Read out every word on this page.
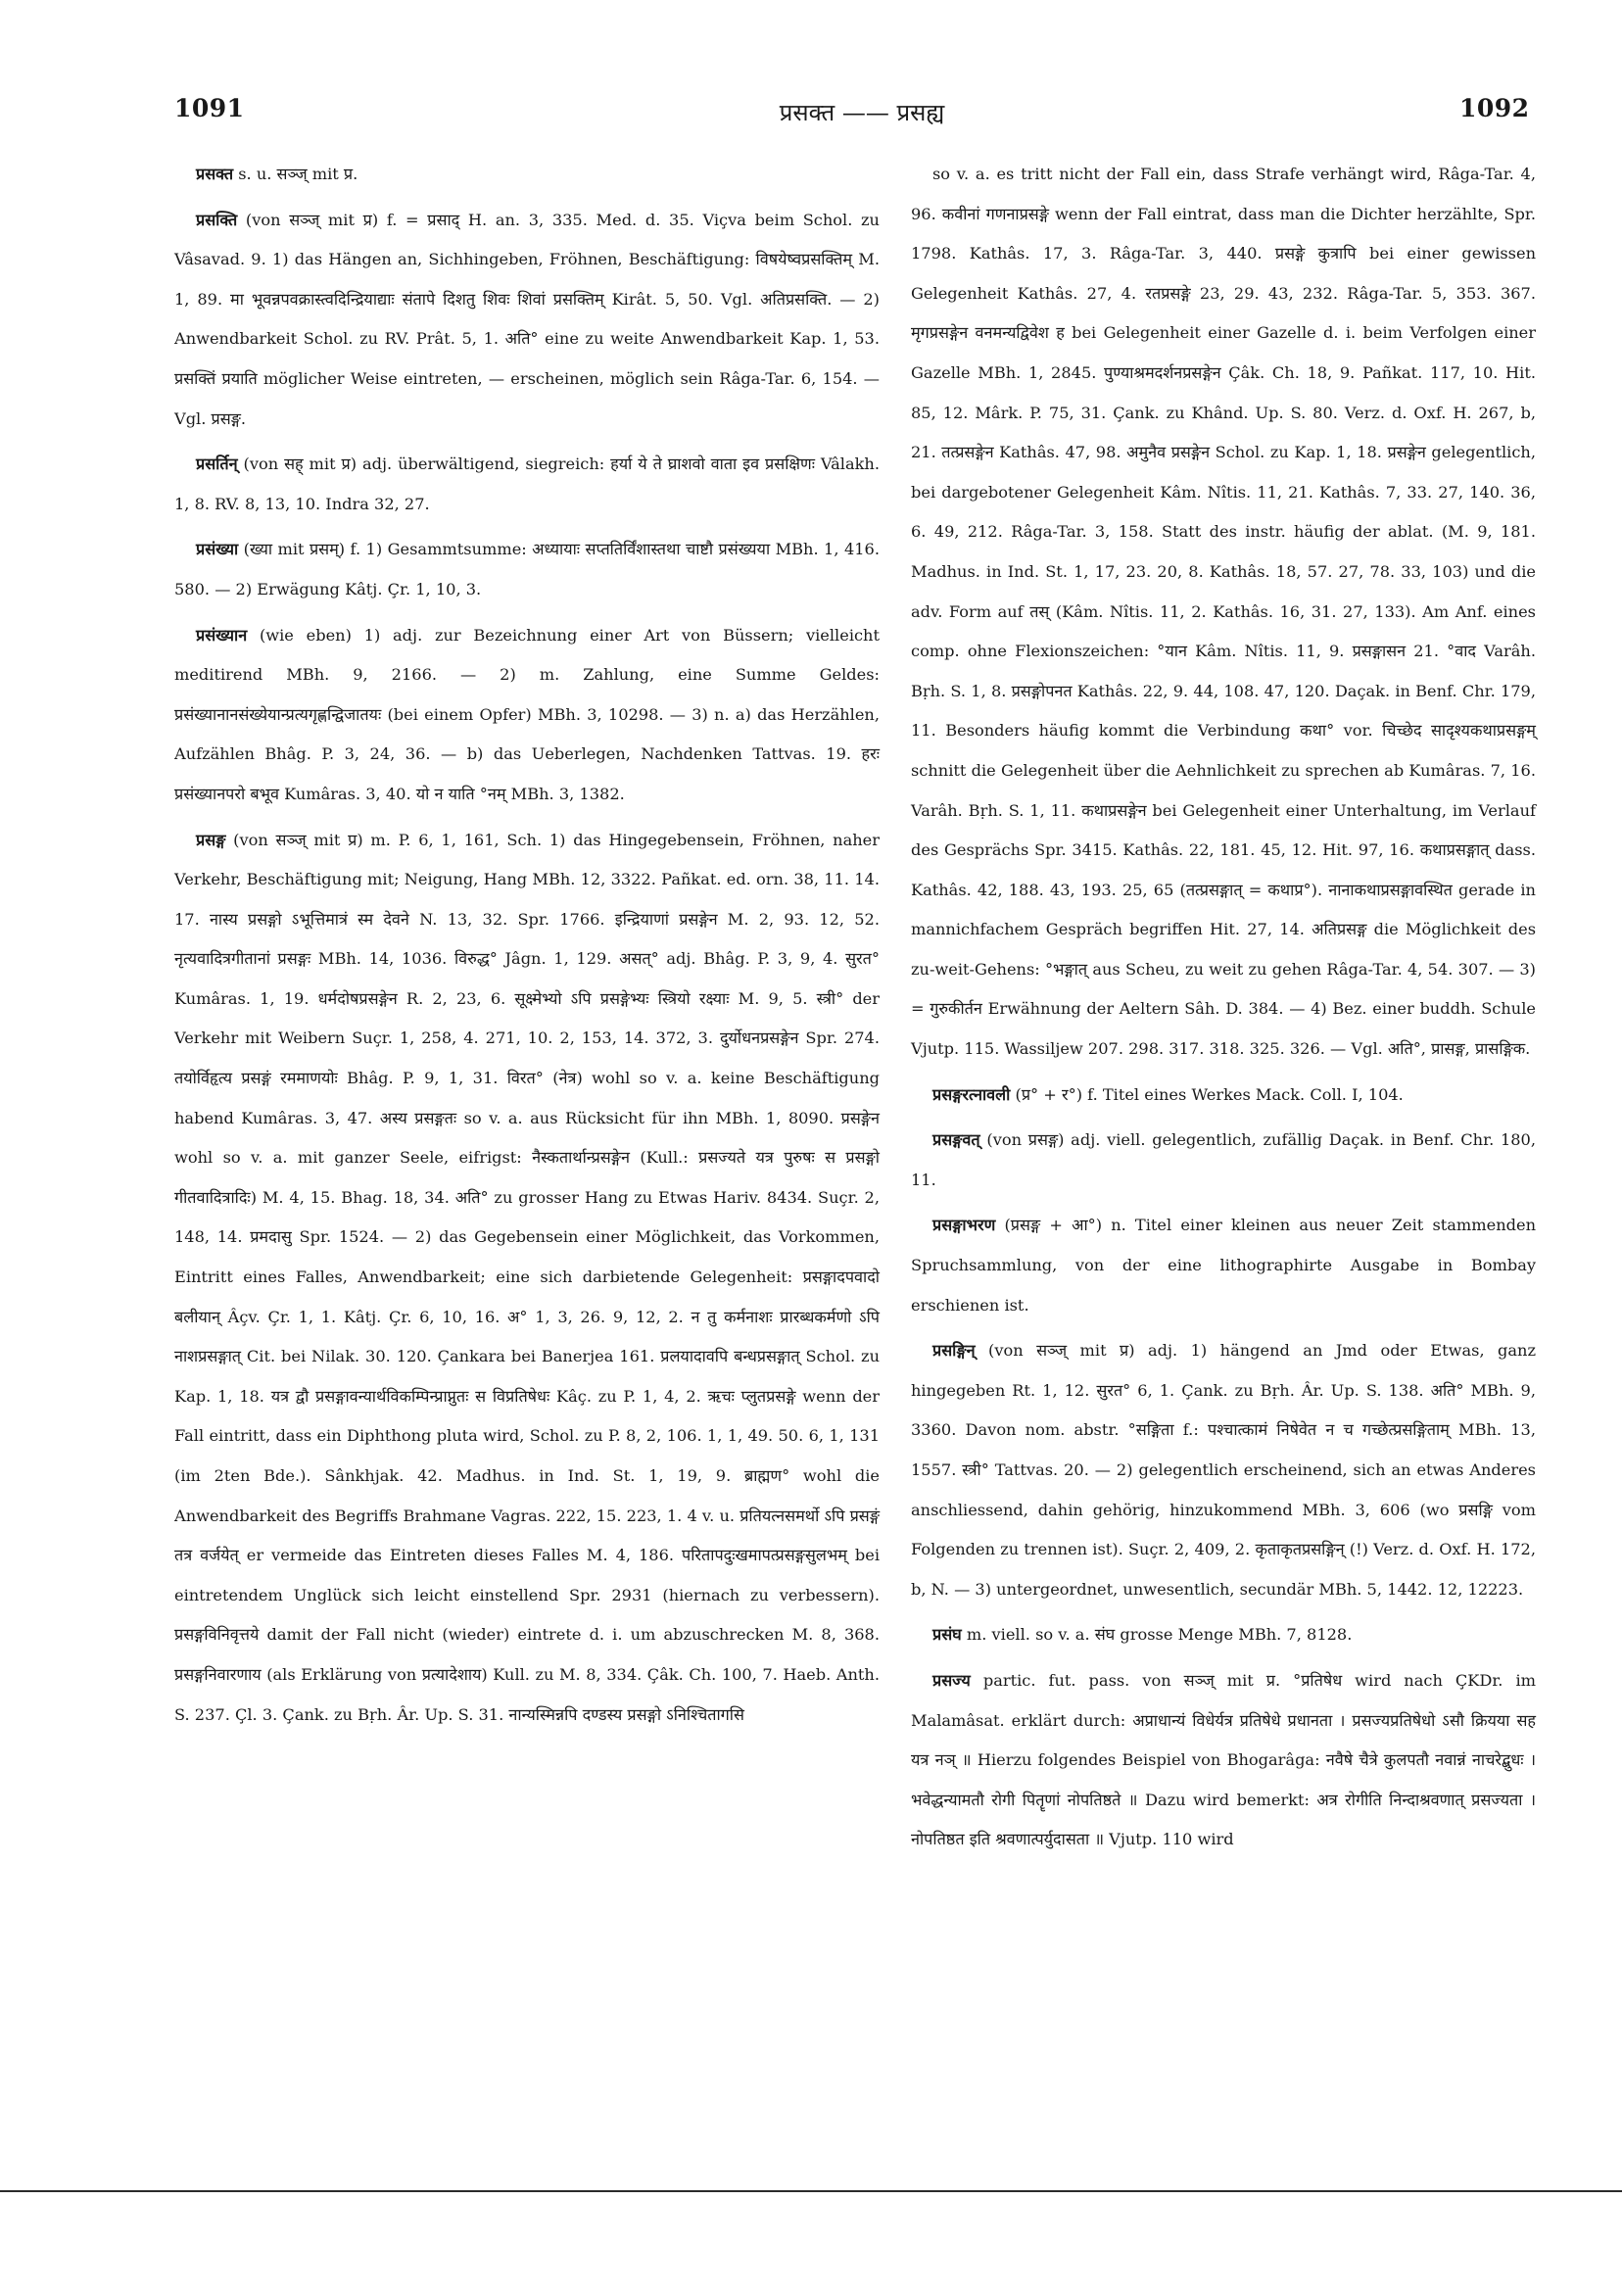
1091	प्रसक्त —— प्रसह्य	1092

प्रसक्त s. u. सञ्ज् mit प्र.

प्रसक्ति (von सञ्ज् mit प्र) f. = प्रसाद् H. an. 3, 335. Med. d. 35. Viçva beim Schol. zu Vâsavad. 9. 1) das Hängen an, Sichhingeben, Fröhnen, Beschäftigung: विषयेष्वप्रसक्तिम् M. 1, 89. मा भूवन्नपवक्रास्त्वदिन्द्रियाद्याः संतापे दिशतु शिवः शिवां प्रसक्तिम् Kirât. 5, 50. Vgl. अतिप्रसक्ति. — 2) Anwendbarkeit Schol. zu RV. Prât. 5, 1. अति° eine zu weite Anwendbarkeit Kap. 1, 53. प्रसक्तिं प्रयाति möglicher Weise eintreten, — erscheinen, möglich sein Râga-Tar. 6, 154. — Vgl. प्रसङ्ग.

प्रसर्तिन् (von सह् mit प्र) adj. überwältigend, siegreich: हर्या ये ते घ्राशवो वाता इव प्रसक्षिणः Vâlakh. 1, 8. RV. 8, 13, 10. Indra 32, 27.

प्रसंख्या (ख्या mit प्रसम्) f. 1) Gesammtsumme: अध्यायाः सप्ततिर्विंशास्तथा चाष्टौ प्रसंख्यया MBh. 1, 416. 580. — 2) Erwägung Kâtj. Çr. 1, 10, 3.

प्रसंख्यान (wie eben) 1) adj. zur Bezeichnung einer Art von Büssern; vielleicht meditirend MBh. 9, 2166. — 2) m. Zahlung, eine Summe Geldes: प्रसंख्यानानसंख्येयान्प्रत्यगृह्णन्द्विजातयः (bei einem Opfer) MBh. 3, 10298. — 3) n. a) das Herzählen, Aufzählen Bhâg. P. 3, 24, 36. — b) das Ueberlegen, Nachdenken Tattvas. 19. हरः प्रसंख्यानपरो बभूव Kumâras. 3, 40. यो न याति °नम् MBh. 3, 1382.

प्रसङ्ग (von सञ्ज् mit प्र) m. P. 6, 1, 161, Sch. 1) das Hingegebensein, Fröhnen, naher Verkehr, Beschäftigung mit; Neigung, Hang MBh. 12, 3322. Pañkat. ed. orn. 38, 11. 14. 17. नास्य प्रसङ्गो ऽभूत्तिमात्रं स्म देवने N. 13, 32. Spr. 1766. इन्द्रियाणां प्रसङ्गेन M. 2, 93. 12, 52. नृत्यवादित्रगीतानां प्रसङ्गः MBh. 14, 1036. विरुद्ध° Jâgn. 1, 129. असत्° adj. Bhâg. P. 3, 9, 4. सुरत° Kumâras. 1, 19. धर्मदोषप्रसङ्गेन R. 2, 23, 6. सूक्ष्मेभ्यो ऽपि प्रसङ्गेभ्यः स्त्रियो रक्ष्याः M. 9, 5. स्त्री° der Verkehr mit Weibern Suçr. 1, 258, 4. 271, 10. 2, 153, 14. 372, 3. दुर्योधनप्रसङ्गेन Spr. 274. तयोर्विहृत्य प्रसङ्गं रममाणयोः Bhâg. P. 9, 1, 31. विरत° (नेत्र) wohl so v. a. keine Beschäftigung habend Kumâras. 3, 47. अस्य प्रसङ्गतः so v. a. aus Rücksicht für ihn MBh. 1, 8090. प्रसङ्गेन wohl so v. a. mit ganzer Seele, eifrigst: नैस्कतार्थान्प्रसङ्गेन (Kull.: प्रसज्यते यत्र पुरुषः स प्रसङ्गो गीतवादित्रादिः) M. 4, 15. Bhag. 18, 34. अति° zu grosser Hang zu Etwas Hariv. 8434. Suçr. 2, 148, 14. प्रमदासु Spr. 1524. — 2) das Gegebensein einer Möglichkeit, das Vorkommen, Eintritt eines Falles, Anwendbarkeit; eine sich darbietende Gelegenheit: प्रसङ्गादपवादो बलीयान् Âçv. Çr. 1, 1. Kâtj. Çr. 6, 10, 16. अ° 1, 3, 26. 9, 12, 2. न तु कर्मनाशः प्रारब्धकर्मणो ऽपि नाशप्रसङ्गात् Cit. bei Nilak. 30. 120. Çankara bei Banerjea 161. प्रलयादावपि बन्धप्रसङ्गात् Schol. zu Kap. 1, 18. यत्र द्वौ प्रसङ्गावन्यार्थविकम्पिन्प्राप्नुतः स विप्रतिषेधः Kâç. zu P. 1, 4, 2. ऋचः प्लुतप्रसङ्गे wenn der Fall eintritt, dass ein Diphthong pluta wird, Schol. zu P. 8, 2, 106. 1, 1, 49. 50. 6, 1, 131 (im 2ten Bde.). Sânkhjak. 42. Madhus. in Ind. St. 1, 19, 9. ब्राह्मण° wohl die Anwendbarkeit des Begriffs Brahmane Vagras. 222, 15. 223, 1. 4 v. u. प्रतियत्नसमर्थो ऽपि प्रसङ्गं तत्र वर्जयेत् er vermeide das Eintreten dieses Falles M. 4, 186. परितापदुःखमापत्प्रसङ्गसुलभम् bei eintretendem Unglück sich leicht einstellend Spr. 2931 (hiernach zu verbessern). प्रसङ्गविनिवृत्तये damit der Fall nicht (wieder) eintrete d. i. um abzuschrecken M. 8, 368. प्रसङ्गनिवारणाय (als Erklärung von प्रत्यादेशाय) Kull. zu M. 8, 334. Çâk. Ch. 100, 7. Haeb. Anth. S. 237. Çl. 3. Çank. zu Bṛh. Âr. Up. S. 31. नान्यस्मिन्नपि दण्डस्य प्रसङ्गो ऽनिश्चितागसि

so v. a. es tritt nicht der Fall ein, dass Strafe verhängt wird, Râga-Tar. 4, 96. कवीनां गणनाप्रसङ्गे wenn der Fall eintrat, dass man die Dichter herzählte, Spr. 1798. Kathâs. 17, 3. Râga-Tar. 3, 440. प्रसङ्गे कुत्रापि bei einer gewissen Gelegenheit Kathâs. 27, 4. रतप्रसङ्गे 23, 29. 43, 232. Râga-Tar. 5, 353. 367. मृगप्रसङ्गेन वनमन्यद्विवेश ह bei Gelegenheit einer Gazelle d. i. beim Verfolgen einer Gazelle MBh. 1, 2845. पुण्याश्रमदर्शनप्रसङ्गेन Çâk. Ch. 18, 9. Pañkat. 117, 10. Hit. 85, 12. Mârk. P. 75, 31. Çank. zu Khând. Up. S. 80. Verz. d. Oxf. H. 267, b, 21. तत्प्रसङ्गेन Kathâs. 47, 98. अमुनैव प्रसङ्गेन Schol. zu Kap. 1, 18. प्रसङ्गेन gelegentlich, bei dargebotener Gelegenheit Kâm. Nîtis. 11, 21. Kathâs. 7, 33. 27, 140. 36, 6. 49, 212. Râga-Tar. 3, 158. Statt des instr. häufig der ablat. (M. 9, 181. Madhus. in Ind. St. 1, 17, 23. 20, 8. Kathâs. 18, 57. 27, 78. 33, 103) und die adv. Form auf तस् (Kâm. Nîtis. 11, 2. Kathâs. 16, 31. 27, 133). Am Anf. eines comp. ohne Flexionszeichen: °यान Kâm. Nîtis. 11, 9. प्रसङ्गासन 21. °वाद Varâh. Bṛh. S. 1, 8. प्रसङ्गोपनत Kathâs. 22, 9. 44, 108. 47, 120. Daçak. in Benf. Chr. 179, 11. Besonders häufig kommt die Verbindung कथा° vor. चिच्छेद सादृश्यकथाप्रसङ्गम् schnitt die Gelegenheit über die Aehnlichkeit zu sprechen ab Kumâras. 7, 16. Varâh. Bṛh. S. 1, 11. कथाप्रसङ्गेन bei Gelegenheit einer Unterhaltung, im Verlauf des Gesprächs Spr. 3415. Kathâs. 22, 181. 45, 12. Hit. 97, 16. कथाप्रसङ्गात् dass. Kathâs. 42, 188. 43, 193. 25, 65 (तत्प्रसङ्गात् = कथाप्र°). नानाकथाप्रसङ्गावस्थित gerade in mannichfachem Gespräch begriffen Hit. 27, 14. अतिप्रसङ्ग die Möglichkeit des zu-weit-Gehens: °भङ्गात् aus Scheu, zu weit zu gehen Râga-Tar. 4, 54. 307. — 3) = गुरुकीर्तन Erwähnung der Aeltern Sâh. D. 384. — 4) Bez. einer buddh. Schule Vjutp. 115. Wassiljew 207. 298. 317. 318. 325. 326. — Vgl. अति°, प्रासङ्ग, प्रासङ्गिक.

प्रसङ्गरत्नावली (प्र° + र°) f. Titel eines Werkes Mack. Coll. I, 104.

प्रसङ्गवत् (von प्रसङ्ग) adj. viell. gelegentlich, zufällig Daçak. in Benf. Chr. 180, 11.

प्रसङ्गाभरण (प्रसङ्ग + आ°) n. Titel einer kleinen aus neuer Zeit stammenden Spruchsammlung, von der eine lithographirte Ausgabe in Bombay erschienen ist.

प्रसङ्गिन् (von सञ्ज् mit प्र) adj. 1) hängend an Jmd oder Etwas, ganz hingegeben Rt. 1, 12. सुरत° 6, 1. Çank. zu Bṛh. Âr. Up. S. 138. अति° MBh. 9, 3360. Davon nom. abstr. °सङ्गिता f.: पश्चात्कामं निषेवेत न च गच्छेत्प्रसङ्गिताम् MBh. 13, 1557. स्त्री° Tattvas. 20. — 2) gelegentlich erscheinend, sich an etwas Anderes anschliessend, dahin gehörig, hinzukommend MBh. 3, 606 (wo प्रसङ्गि vom Folgenden zu trennen ist). Suçr. 2, 409, 2. कृताकृतप्रसङ्गिन् (!) Verz. d. Oxf. H. 172, b, N. — 3) untergeordnet, unwesentlich, secundär MBh. 5, 1442. 12, 12223.

प्रसंघ m. viell. so v. a. संघ grosse Menge MBh. 7, 8128.

प्रसज्य partic. fut. pass. von सञ्ज् mit प्र. °प्रतिषेध wird nach ÇKDr. im Malamâsat. erklärt durch: अप्राधान्यं विधेर्यत्र प्रतिषेधे प्रधानता । प्रसज्यप्रतिषेधो ऽसौ क्रियया सह यत्र नञ् ॥ Hierzu folgendes Beispiel von Bhogarâga: नवैषे चैत्रे कुलपतौ नवान्नं नाचरेद्बुधः । भवेद्धन्यामतौ रोगी पितॄणां नोपतिष्ठते ॥ Dazu wird bemerkt: अत्र रोगीति निन्दाश्रवणात् प्रसज्यता । नोपतिष्ठत इति श्रवणात्पर्युदासता ॥ Vjutp. 110 wird
